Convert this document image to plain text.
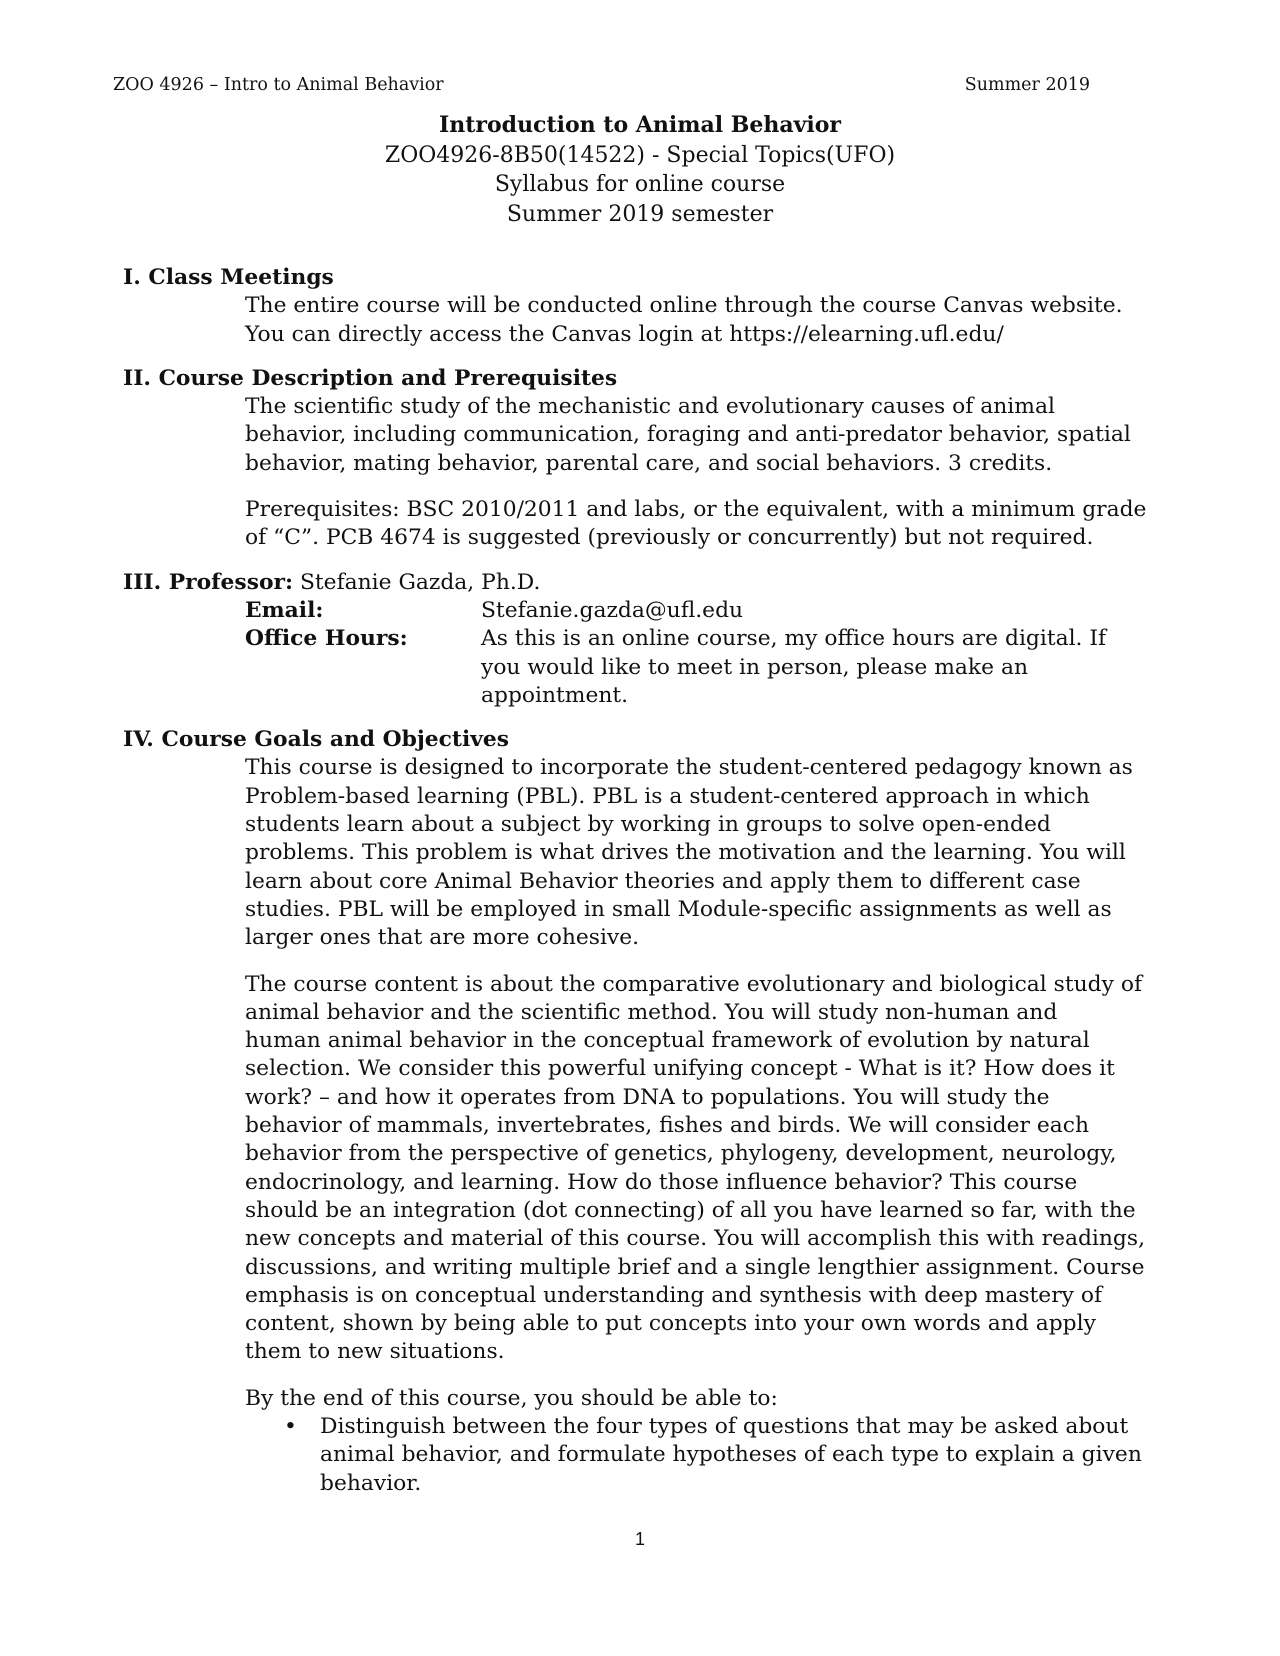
ZOO 4926 – Intro to Animal Behavior	Summer 2019
Introduction to Animal Behavior
ZOO4926-8B50(14522) - Special Topics(UFO)
Syllabus for online course
Summer 2019 semester
I. Class Meetings
The entire course will be conducted online through the course Canvas website.
You can directly access the Canvas login at https://elearning.ufl.edu/
II. Course Description and Prerequisites
The scientific study of the mechanistic and evolutionary causes of animal
behavior, including communication, foraging and anti-predator behavior, spatial
behavior, mating behavior, parental care, and social behaviors. 3 credits.
Prerequisites: BSC 2010/2011 and labs, or the equivalent, with a minimum grade
of “C”. PCB 4674 is suggested (previously or concurrently) but not required.
III. Professor: Stefanie Gazda, Ph.D.
Email:	Stefanie.gazda@ufl.edu
Office Hours:	As this is an online course, my office hours are digital. If
you would like to meet in person, please make an
appointment.
IV. Course Goals and Objectives
This course is designed to incorporate the student-centered pedagogy known as
Problem-based learning (PBL). PBL is a student-centered approach in which
students learn about a subject by working in groups to solve open-ended
problems. This problem is what drives the motivation and the learning. You will
learn about core Animal Behavior theories and apply them to different case
studies. PBL will be employed in small Module-specific assignments as well as
larger ones that are more cohesive.
The course content is about the comparative evolutionary and biological study of
animal behavior and the scientific method. You will study non-human and
human animal behavior in the conceptual framework of evolution by natural
selection. We consider this powerful unifying concept - What is it? How does it
work? – and how it operates from DNA to populations. You will study the
behavior of mammals, invertebrates, fishes and birds. We will consider each
behavior from the perspective of genetics, phylogeny, development, neurology,
endocrinology, and learning. How do those influence behavior? This course
should be an integration (dot connecting) of all you have learned so far, with the
new concepts and material of this course. You will accomplish this with readings,
discussions, and writing multiple brief and a single lengthier assignment. Course
emphasis is on conceptual understanding and synthesis with deep mastery of
content, shown by being able to put concepts into your own words and apply
them to new situations.
By the end of this course, you should be able to:
• Distinguish between the four types of questions that may be asked about
animal behavior, and formulate hypotheses of each type to explain a given
behavior.
1
